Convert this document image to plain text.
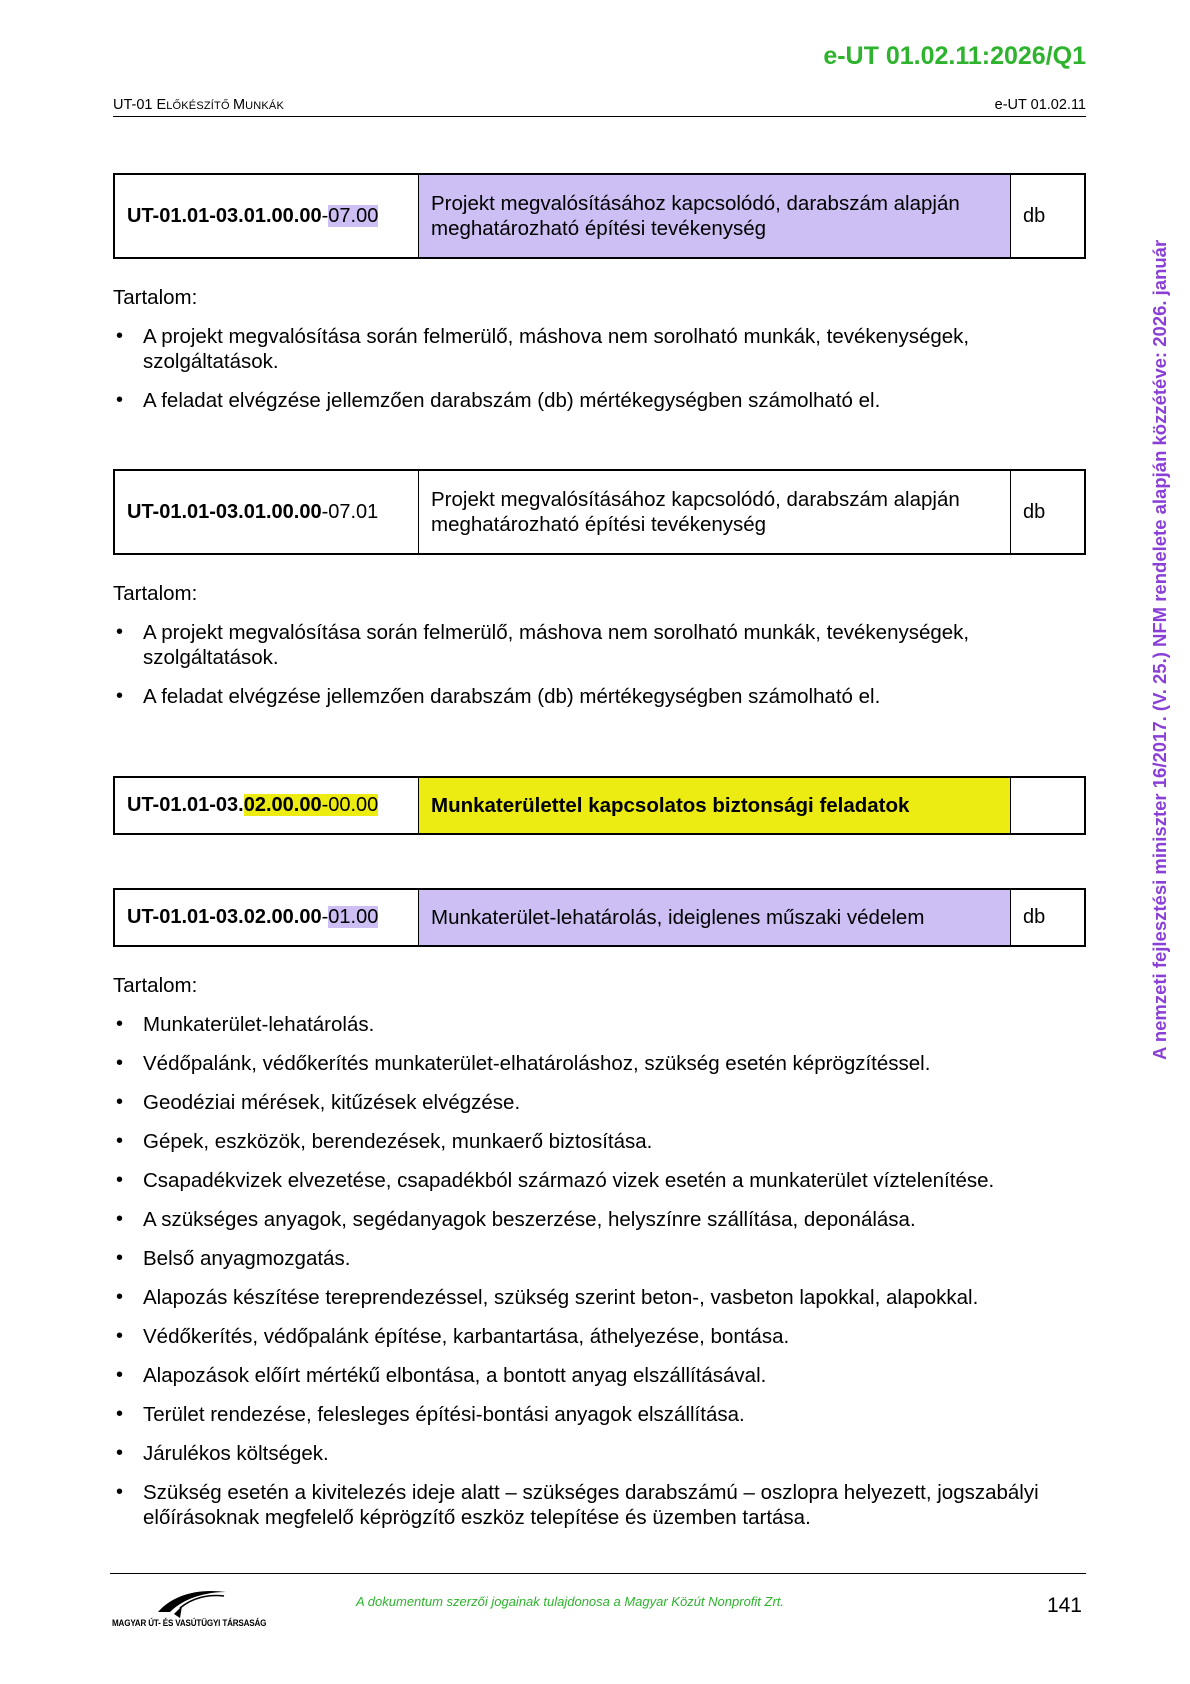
e-UT 01.02.11:2026/Q1
UT-01 ELŐKÉSZÍTŐ MUNKÁK	e-UT 01.02.11
A nemzeti fejlesztési miniszter 16/2017. (V. 25.) NFM rendelete alapján közzétéve: 2026. január
UT-01.01-03.01.00.00-07.00	Projekt megvalósításához kapcsolódó, darabszám alapján meghatározható építési tevékenység	db
Tartalom:
• A projekt megvalósítása során felmerülő, máshova nem sorolható munkák, tevékenységek, szolgáltatások.
• A feladat elvégzése jellemzően darabszám (db) mértékegységben számolható el.
UT-01.01-03.01.00.00-07.01	Projekt megvalósításához kapcsolódó, darabszám alapján meghatározható építési tevékenység	db
Tartalom:
• A projekt megvalósítása során felmerülő, máshova nem sorolható munkák, tevékenységek, szolgáltatások.
• A feladat elvégzése jellemzően darabszám (db) mértékegységben számolható el.
UT-01.01-03.02.00.00-00.00	Munkaterülettel kapcsolatos biztonsági feladatok	
UT-01.01-03.02.00.00-01.00	Munkaterület-lehatárolás, ideiglenes műszaki védelem	db
Tartalom:
• Munkaterület-lehatárolás.
• Védőpalánk, védőkerítés munkaterület-elhatároláshoz, szükség esetén képrögzítéssel.
• Geodéziai mérések, kitűzések elvégzése.
• Gépek, eszközök, berendezések, munkaerő biztosítása.
• Csapadékvizek elvezetése, csapadékból származó vizek esetén a munkaterület víztelenítése.
• A szükséges anyagok, segédanyagok beszerzése, helyszínre szállítása, deponálása.
• Belső anyagmozgatás.
• Alapozás készítése tereprendezéssel, szükség szerint beton-, vasbeton lapokkal, alapokkal.
• Védőkerítés, védőpalánk építése, karbantartása, áthelyezése, bontása.
• Alapozások előírt mértékű elbontása, a bontott anyag elszállításával.
• Terület rendezése, felesleges építési-bontási anyagok elszállítása.
• Járulékos költségek.
• Szükség esetén a kivitelezés ideje alatt – szükséges darabszámú – oszlopra helyezett, jogszabályi előírásoknak megfelelő képrögzítő eszköz telepítése és üzemben tartása.
MAGYAR ÚT- ÉS VASÚTÜGYI TÁRSASÁG
A dokumentum szerzői jogainak tulajdonosa a Magyar Közút Nonprofit Zrt.	141
